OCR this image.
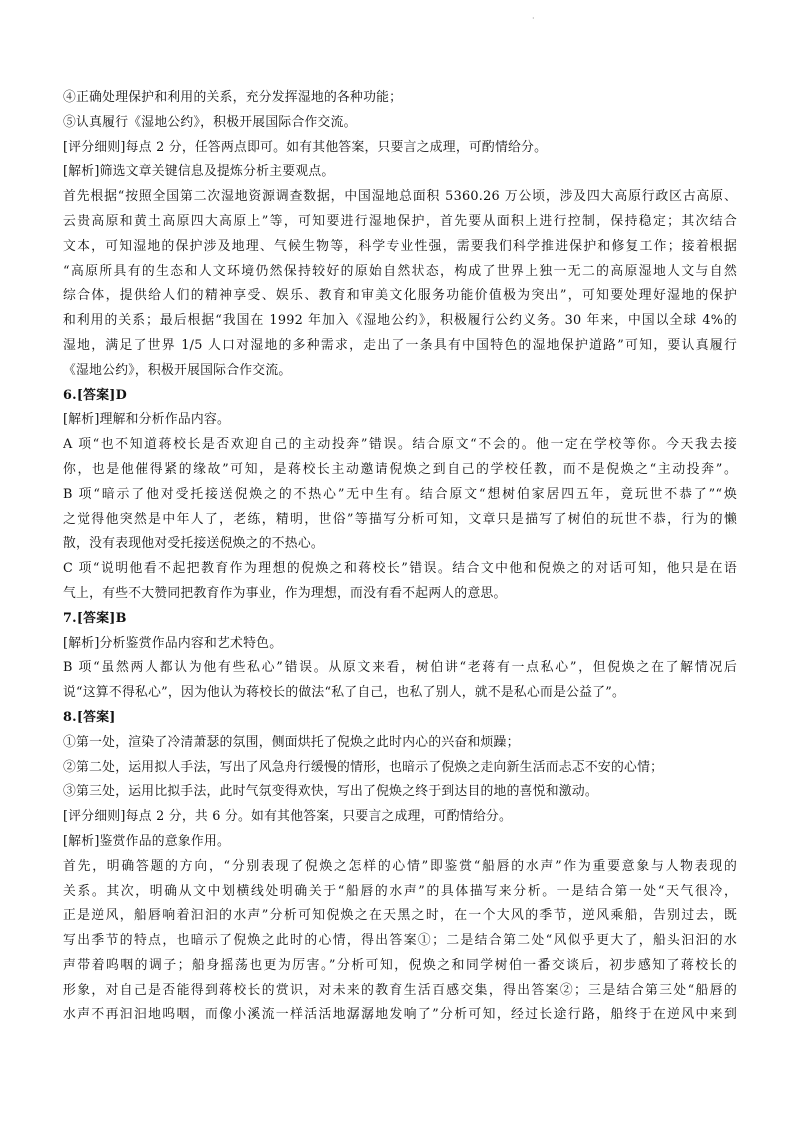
·
④正确处理保护和利用的关系，充分发挥湿地的各种功能；
⑤认真履行《湿地公约》，积极开展国际合作交流。
[评分细则]每点 2 分，任答两点即可。如有其他答案，只要言之成理，可酌情给分。
[解析]筛选文章关键信息及提炼分析主要观点。
首先根据“按照全国第二次湿地资源调查数据，中国湿地总面积 5360.26 万公顷，涉及四大高原行政区古高原、
云贵高原和黄土高原四大高原上”等，可知要进行湿地保护，首先要从面积上进行控制，保持稳定；其次结合
文本，可知湿地的保护涉及地理、气候生物等，科学专业性强，需要我们科学推进保护和修复工作；接着根据
“高原所具有的生态和人文环境仍然保持较好的原始自然状态，构成了世界上独一无二的高原湿地人文与自然
综合体，提供给人们的精神享受、娱乐、教育和审美文化服务功能价值极为突出”，可知要处理好湿地的保护
和利用的关系；最后根据“我国在 1992 年加入《湿地公约》，积极履行公约义务。30 年来，中国以全球 4%的
湿地，满足了世界 1/5 人口对湿地的多种需求，走出了一条具有中国特色的湿地保护道路”可知，要认真履行
《湿地公约》，积极开展国际合作交流。
6.[答案]D
[解析]理解和分析作品内容。
A 项“也不知道蒋校长是否欢迎自己的主动投奔”错误。结合原文“不会的。他一定在学校等你。今天我去接
你，也是他催得紧的缘故”可知，是蒋校长主动邀请倪焕之到自己的学校任教，而不是倪焕之“主动投奔”。
B 项“暗示了他对受托接送倪焕之的不热心”无中生有。结合原文“想树伯家居四五年，竟玩世不恭了”“焕
之觉得他突然是中年人了，老练，精明，世俗”等描写分析可知，文章只是描写了树伯的玩世不恭，行为的懒
散，没有表现他对受托接送倪焕之的不热心。
C 项“说明他看不起把教育作为理想的倪焕之和蒋校长”错误。结合文中他和倪焕之的对话可知，他只是在语
气上，有些不大赞同把教育作为事业，作为理想，而没有看不起两人的意思。
7.[答案]B
[解析]分析鉴赏作品内容和艺术特色。
B 项“虽然两人都认为他有些私心”错误。从原文来看，树伯讲“老蒋有一点私心”，但倪焕之在了解情况后
说“这算不得私心”，因为他认为蒋校长的做法“私了自己，也私了别人，就不是私心而是公益了”。
8.[答案]
①第一处，渲染了冷清萧瑟的氛围，侧面烘托了倪焕之此时内心的兴奋和烦躁；
②第二处，运用拟人手法，写出了风急舟行缓慢的情形，也暗示了倪焕之走向新生活而忐忑不安的心情；
③第三处，运用比拟手法，此时气氛变得欢快，写出了倪焕之终于到达目的地的喜悦和激动。
[评分细则]每点 2 分，共 6 分。如有其他答案，只要言之成理，可酌情给分。
[解析]鉴赏作品的意象作用。
首先，明确答题的方向，“分别表现了倪焕之怎样的心情”即鉴赏“船唇的水声”作为重要意象与人物表现的
关系。其次，明确从文中划横线处明确关于“船唇的水声”的具体描写来分析。一是结合第一处“天气很冷，
正是逆风，船唇响着汩汩的水声”分析可知倪焕之在天黑之时，在一个大风的季节，逆风乘船，告别过去，既
写出季节的特点，也暗示了倪焕之此时的心情，得出答案①；二是结合第二处“风似乎更大了，船头汩汩的水
声带着呜咽的调子；船身摇荡也更为厉害。”分析可知，倪焕之和同学树伯一番交谈后，初步感知了蒋校长的
形象，对自己是否能得到蒋校长的赏识，对未来的教育生活百感交集，得出答案②；三是结合第三处“船唇的
水声不再汩汩地呜咽，而像小溪流一样活活地潺潺地发响了”分析可知，经过长途行路，船终于在逆风中来到
